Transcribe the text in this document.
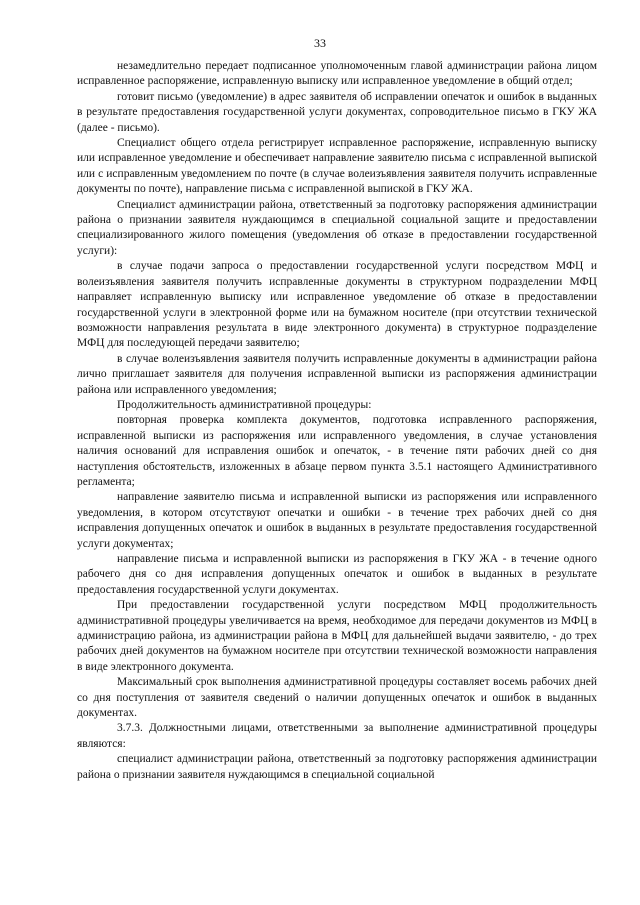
33

незамедлительно передает подписанное уполномоченным главой администрации района лицом исправленное распоряжение, исправленную выписку или исправленное уведомление в общий отдел;

готовит письмо (уведомление) в адрес заявителя об исправлении опечаток и ошибок в выданных в результате предоставления государственной услуги документах, сопроводительное письмо в ГКУ ЖА (далее - письмо).

Специалист общего отдела регистрирует исправленное распоряжение, исправленную выписку или исправленное уведомление и обеспечивает направление заявителю письма с исправленной выпиской или с исправленным уведомлением по почте (в случае волеизъявления заявителя получить исправленные документы по почте), направление письма с исправленной выпиской в ГКУ ЖА.

Специалист администрации района, ответственный за подготовку распоряжения администрации района о признании заявителя нуждающимся в специальной социальной защите и предоставлении специализированного жилого помещения (уведомления об отказе в предоставлении государственной услуги):

в случае подачи запроса о предоставлении государственной услуги посредством МФЦ и волеизъявления заявителя получить исправленные документы в структурном подразделении МФЦ направляет исправленную выписку или исправленное уведомление об отказе в предоставлении государственной услуги в электронной форме или на бумажном носителе (при отсутствии технической возможности направления результата в виде электронного документа) в структурное подразделение МФЦ для последующей передачи заявителю;

в случае волеизъявления заявителя получить исправленные документы в администрации района лично приглашает заявителя для получения исправленной выписки из распоряжения администрации района или исправленного уведомления;

Продолжительность административной процедуры:

повторная проверка комплекта документов, подготовка исправленного распоряжения, исправленной выписки из распоряжения или исправленного уведомления, в случае установления наличия оснований для исправления ошибок и опечаток, - в течение пяти рабочих дней со дня наступления обстоятельств, изложенных в абзаце первом пункта 3.5.1 настоящего Административного регламента;

направление заявителю письма и исправленной выписки из распоряжения или исправленного уведомления, в котором отсутствуют опечатки и ошибки - в течение трех рабочих дней со дня исправления допущенных опечаток и ошибок в выданных в результате предоставления государственной услуги документах;

направление письма и исправленной выписки из распоряжения в ГКУ ЖА - в течение одного рабочего дня со дня исправления допущенных опечаток и ошибок в выданных в результате предоставления государственной услуги документах.

При предоставлении государственной услуги посредством МФЦ продолжительность административной процедуры увеличивается на время, необходимое для передачи документов из МФЦ в администрацию района, из администрации района в МФЦ для дальнейшей выдачи заявителю, - до трех рабочих дней документов на бумажном носителе при отсутствии технической возможности направления в виде электронного документа.

Максимальный срок выполнения административной процедуры составляет восемь рабочих дней со дня поступления от заявителя сведений о наличии допущенных опечаток и ошибок в выданных документах.

3.7.3. Должностными лицами, ответственными за выполнение административной процедуры являются:

специалист администрации района, ответственный за подготовку распоряжения администрации района о признании заявителя нуждающимся в специальной социальной
